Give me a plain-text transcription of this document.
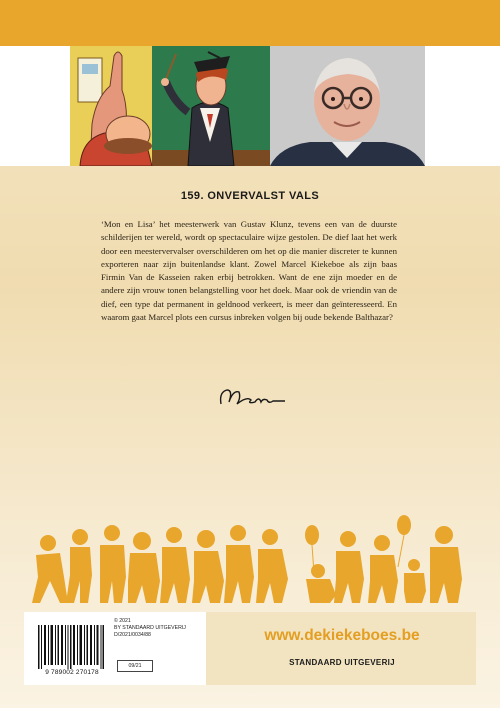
159. ONVERVALST VALS

‘Mon en Lisa’ het meesterwerk van Gustav Klunz, tevens een van de duurste schilderijen ter wereld, wordt op spectaculaire wijze gestolen. De dief laat het werk door een meestervervalser overschilderen om het op die manier discreter te kunnen exporteren naar zijn buitenlandse klant. Zowel Marcel Kiekeboe als zijn baas Firmin Van de Kasseien raken erbij betrokken. Want de ene zijn moeder en de andere zijn vrouw tonen belangstelling voor het doek. Maar ook de vriendin van de dief, een type dat permanent in geldnood verkeert, is meer dan geïnteresseerd. En waarom gaat Marcel plots een cursus inbreken volgen bij oude bekende Balthazar?

9 789002 270178
© 2021
BY STANDAARD UITGEVERIJ
D/2021/0034/88
09/21
www.dekiekeboes.be
STANDAARD UITGEVERIJ
